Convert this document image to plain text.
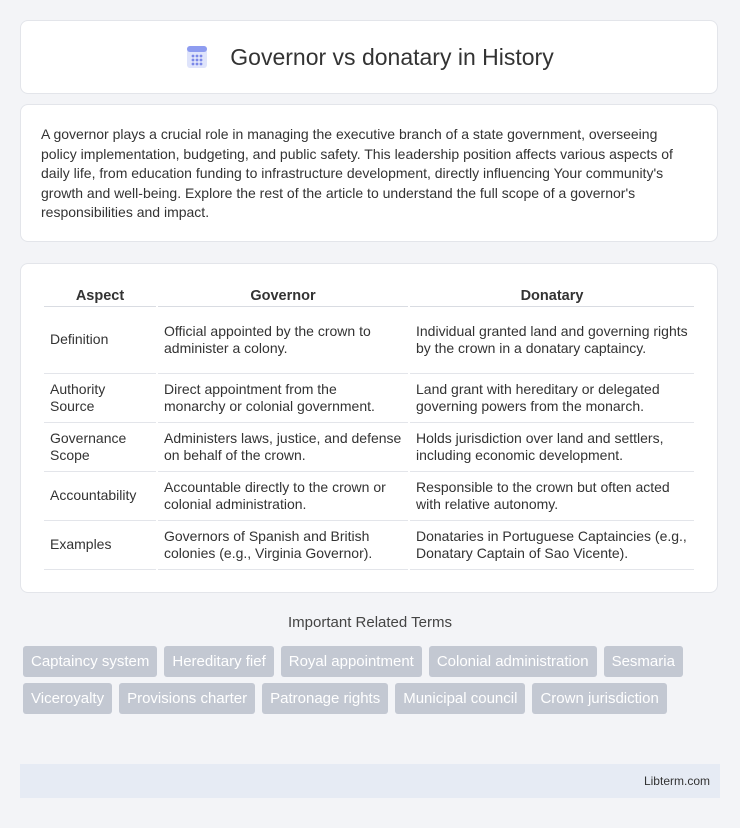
Governor vs donatary in History

A governor plays a crucial role in managing the executive branch of a state government, overseeing policy implementation, budgeting, and public safety. This leadership position affects various aspects of daily life, from education funding to infrastructure development, directly influencing Your community's growth and well-being. Explore the rest of the article to understand the full scope of a governor's responsibilities and impact.

Aspect	Governor	Donatary
Definition	Official appointed by the crown to administer a colony.	Individual granted land and governing rights by the crown in a donatary captaincy.
Authority Source	Direct appointment from the monarchy or colonial government.	Land grant with hereditary or delegated governing powers from the monarch.
Governance Scope	Administers laws, justice, and defense on behalf of the crown.	Holds jurisdiction over land and settlers, including economic development.
Accountability	Accountable directly to the crown or colonial administration.	Responsible to the crown but often acted with relative autonomy.
Examples	Governors of Spanish and British colonies (e.g., Virginia Governor).	Donataries in Portuguese Captaincies (e.g., Donatary Captain of Sao Vicente).
Important Related Terms
Captaincy system	Hereditary fief	Royal appointment	Colonial administration	Sesmaria
Viceroyalty	Provisions charter	Patronage rights	Municipal council	Crown jurisdiction
Libterm.com
